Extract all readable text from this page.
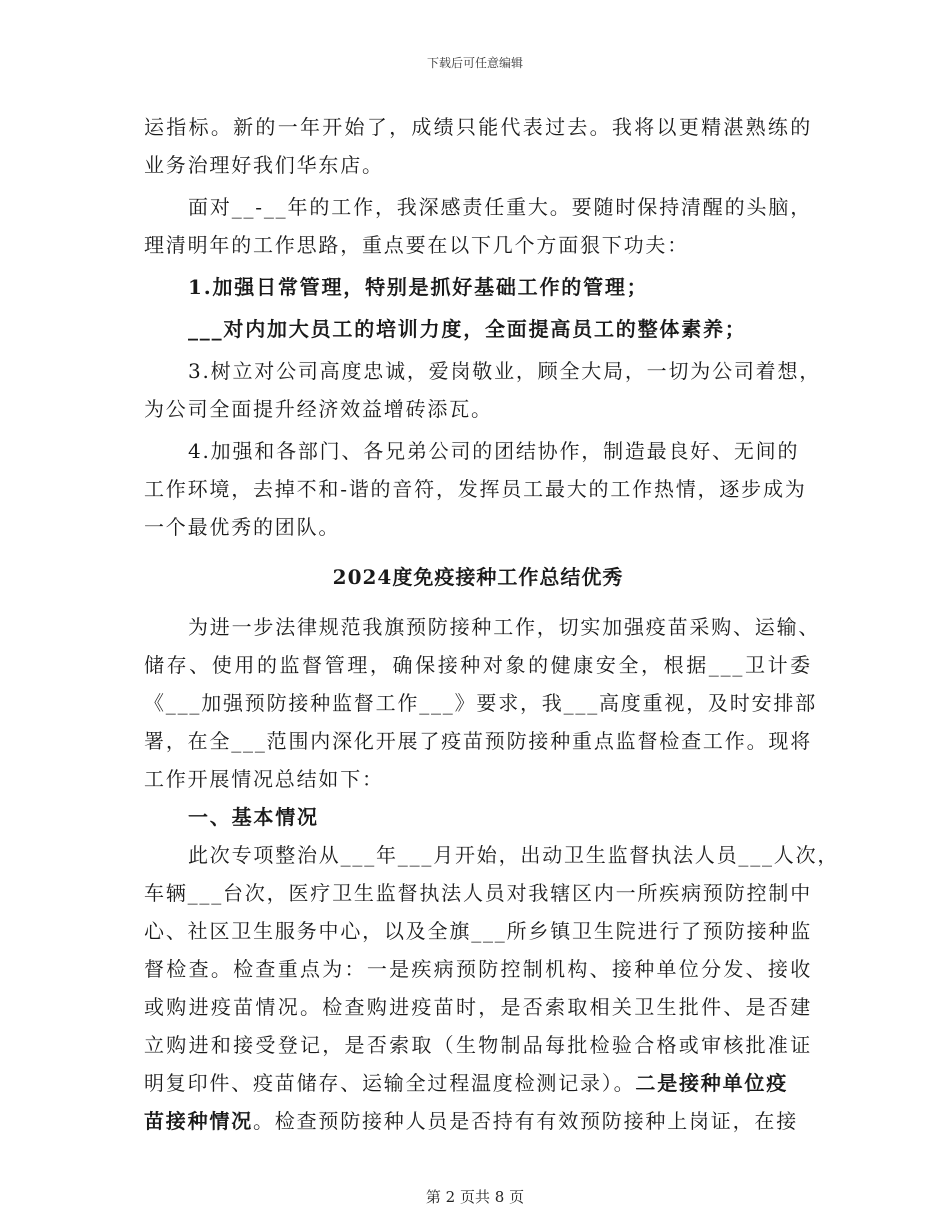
下载后可任意编辑
运指标。新的一年开始了，成绩只能代表过去。我将以更精湛熟练的
业务治理好我们华东店。
面对__-__年的工作，我深感责任重大。要随时保持清醒的头脑，
理清明年的工作思路，重点要在以下几个方面狠下功夫：
1.加强日常管理，特别是抓好基础工作的管理；
___对内加大员工的培训力度，全面提高员工的整体素养；
3.树立对公司高度忠诚，爱岗敬业，顾全大局，一切为公司着想，
为公司全面提升经济效益增砖添瓦。
4.加强和各部门、各兄弟公司的团结协作，制造最良好、无间的
工作环境，去掉不和-谐的音符，发挥员工最大的工作热情，逐步成为
一个最优秀的团队。
2024度免疫接种工作总结优秀
为进一步法律规范我旗预防接种工作，切实加强疫苗采购、运输、
储存、使用的监督管理，确保接种对象的健康安全，根据___卫计委
《___加强预防接种监督工作___》要求，我___高度重视，及时安排部
署，在全___范围内深化开展了疫苗预防接种重点监督检查工作。现将
工作开展情况总结如下：
一、基本情况
此次专项整治从___年___月开始，出动卫生监督执法人员___人次，
车辆___台次，医疗卫生监督执法人员对我辖区内一所疾病预防控制中
心、社区卫生服务中心，以及全旗___所乡镇卫生院进行了预防接种监
督检查。检查重点为：一是疾病预防控制机构、接种单位分发、接收
或购进疫苗情况。检查购进疫苗时，是否索取相关卫生批件、是否建
立购进和接受登记，是否索取（生物制品每批检验合格或审核批准证
明复印件、疫苗储存、运输全过程温度检测记录）。二是接种单位疫
苗接种情况。检查预防接种人员是否持有有效预防接种上岗证，在接
第 2 页共 8 页
